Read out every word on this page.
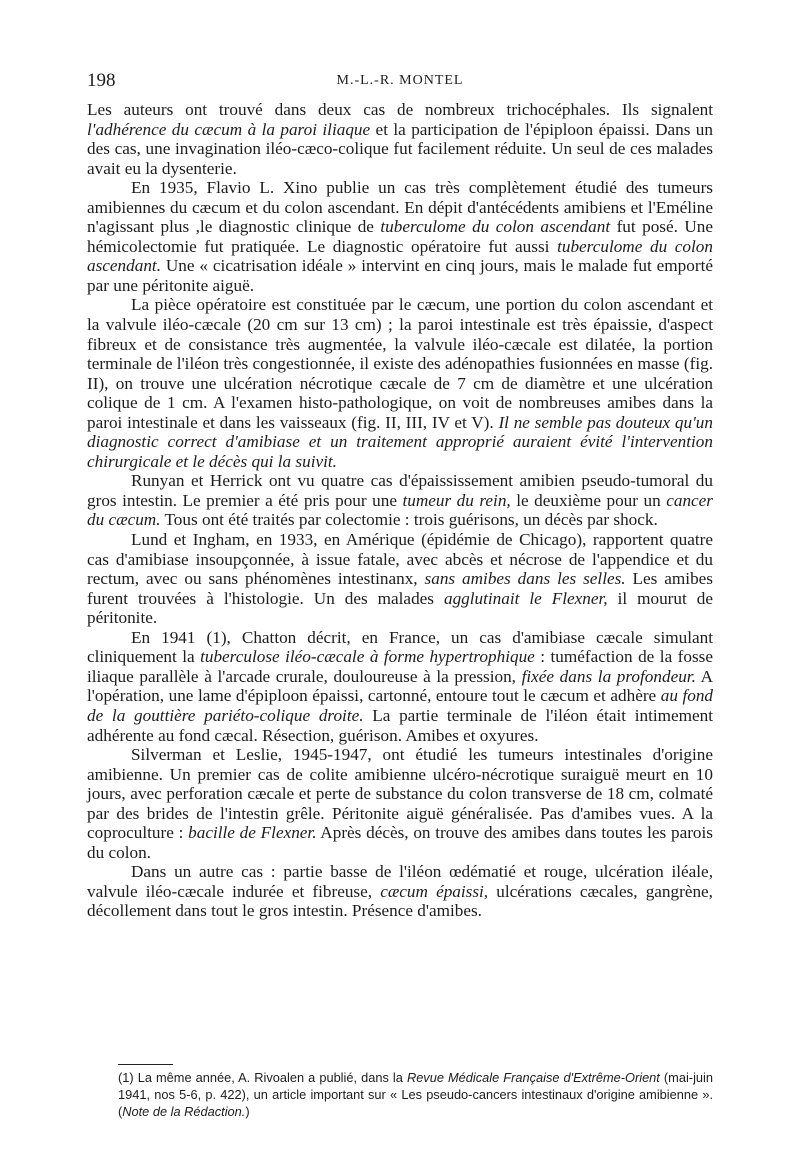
198	M.-L.-R. MONTEL

Les auteurs ont trouvé dans deux cas de nombreux trichocéphales. Ils signalent l'adhérence du cæcum à la paroi iliaque et la participation de l'épiploon épaissi. Dans un des cas, une invagination iléo-cæco-colique fut facilement réduite. Un seul de ces malades avait eu la dysenterie.

En 1935, Flavio L. Xino publie un cas très complètement étudié des tumeurs amibiennes du cæcum et du colon ascendant. En dépit d'antécédents amibiens et l'Eméline n'agissant plus ,le diagnostic clinique de tuberculome du colon ascendant fut posé. Une hémicolectomie fut pratiquée. Le diagnostic opératoire fut aussi tuberculome du colon ascendant. Une « cicatrisation idéale » intervint en cinq jours, mais le malade fut emporté par une péritonite aiguë.

La pièce opératoire est constituée par le cæcum, une portion du colon ascendant et la valvule iléo-cæcale (20 cm sur 13 cm) ; la paroi intestinale est très épaissie, d'aspect fibreux et de consistance très augmentée, la valvule iléo-cæcale est dilatée, la portion terminale de l'iléon très congestionnée, il existe des adénopathies fusionnées en masse (fig. II), on trouve une ulcération nécrotique cæcale de 7 cm de diamètre et une ulcération colique de 1 cm. A l'examen histo-pathologique, on voit de nombreuses amibes dans la paroi intestinale et dans les vaisseaux (fig. II, III, IV et V). Il ne semble pas douteux qu'un diagnostic correct d'amibiase et un traitement approprié auraient évité l'intervention chirurgicale et le décès qui la suivit.

Runyan et Herrick ont vu quatre cas d'épaississement amibien pseudo-tumoral du gros intestin. Le premier a été pris pour une tumeur du rein, le deuxième pour un cancer du cæcum. Tous ont été traités par colectomie : trois guérisons, un décès par shock.

Lund et Ingham, en 1933, en Amérique (épidémie de Chicago), rapportent quatre cas d'amibiase insoupçonnée, à issue fatale, avec abcès et nécrose de l'appendice et du rectum, avec ou sans phénomènes intestinanx, sans amibes dans les selles. Les amibes furent trouvées à l'histologie. Un des malades agglutinait le Flexner, il mourut de péritonite.

En 1941 (1), Chatton décrit, en France, un cas d'amibiase cæcale simulant cliniquement la tuberculose iléo-cæcale à forme hypertrophique : tuméfaction de la fosse iliaque parallèle à l'arcade crurale, douloureuse à la pression, fixée dans la profondeur. A l'opération, une lame d'épiploon épaissi, cartonné, entoure tout le cæcum et adhère au fond de la gouttière pariéto-colique droite. La partie terminale de l'iléon était intimement adhérente au fond cæcal. Résection, guérison. Amibes et oxyures.

Silverman et Leslie, 1945-1947, ont étudié les tumeurs intestinales d'origine amibienne. Un premier cas de colite amibienne ulcéro-nécrotique suraiguë meurt en 10 jours, avec perforation cæcale et perte de substance du colon transverse de 18 cm, colmaté par des brides de l'intestin grêle. Péritonite aiguë généralisée. Pas d'amibes vues. A la coproculture : bacille de Flexner. Après décès, on trouve des amibes dans toutes les parois du colon.

Dans un autre cas : partie basse de l'iléon œdématié et rouge, ulcération iléale, valvule iléo-cæcale indurée et fibreuse, cæcum épaissi, ulcérations cæcales, gangrène, décollement dans tout le gros intestin. Présence d'amibes.

(1) La même année, A. Rivoalen a publié, dans la Revue Médicale Française d'Extrême-Orient (mai-juin 1941, nos 5-6, p. 422), un article important sur « Les pseudo-cancers intestinaux d'origine amibienne ». (Note de la Rédaction.)
